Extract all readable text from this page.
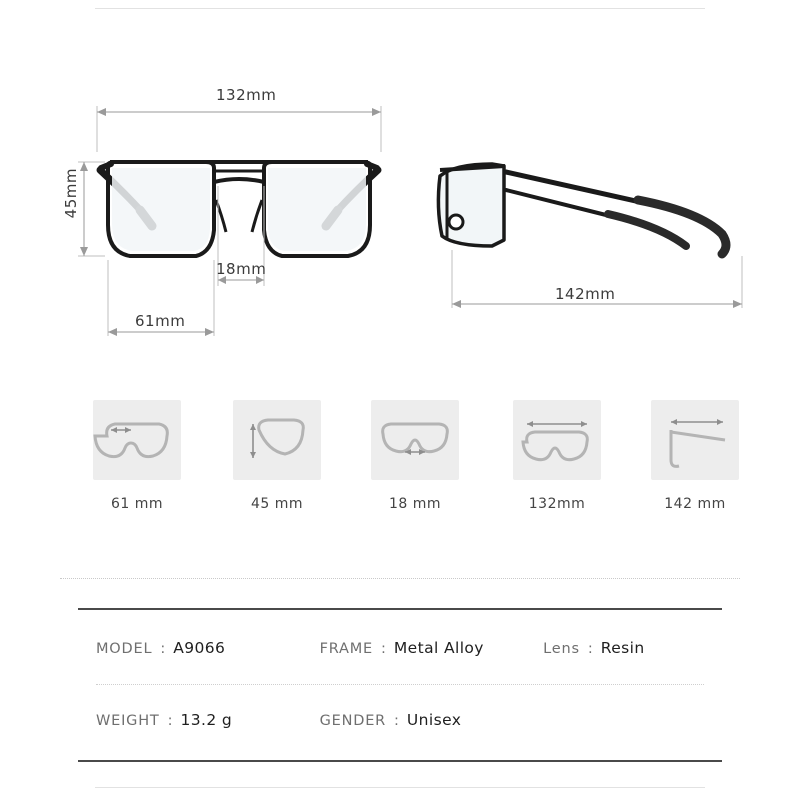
132mm
45mm
18mm
61mm
142mm
61 mm	45 mm	18 mm	132mm	142 mm
MODEL : A9066	FRAME : Metal Alloy	Lens : Resin
WEIGHT : 13.2 g	GENDER : Unisex
